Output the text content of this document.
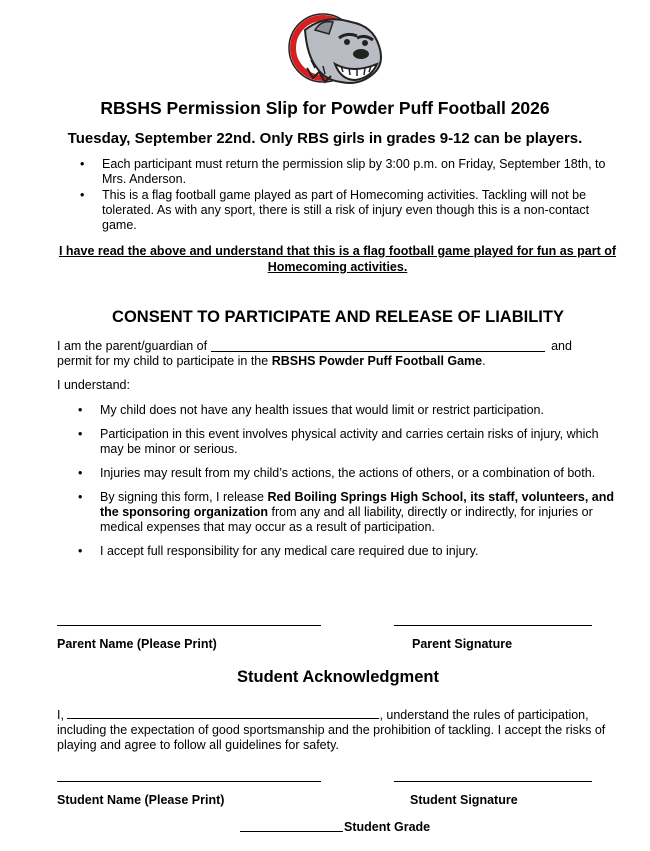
RBSHS Permission Slip for Powder Puff Football 2026
Tuesday, September 22nd. Only RBS girls in grades 9-12 can be players.
• Each participant must return the permission slip by 3:00 p.m. on Friday, September 18th, to Mrs. Anderson.
• This is a flag football game played as part of Homecoming activities. Tackling will not be tolerated. As with any sport, there is still a risk of injury even though this is a non-contact game.
I have read the above and understand that this is a flag football game played for fun as part of Homecoming activities.
CONSENT TO PARTICIPATE AND RELEASE OF LIABILITY
I am the parent/guardian of	and
permit for my child to participate in the RBSHS Powder Puff Football Game.
I understand:
• My child does not have any health issues that would limit or restrict participation.
• Participation in this event involves physical activity and carries certain risks of injury, which may be minor or serious.
• Injuries may result from my child’s actions, the actions of others, or a combination of both.
• By signing this form, I release Red Boiling Springs High School, its staff, volunteers, and the sponsoring organization from any and all liability, directly or indirectly, for injuries or medical expenses that may occur as a result of participation.
• I accept full responsibility for any medical care required due to injury.
Parent Name (Please Print)	Parent Signature
Student Acknowledgment
I,	, understand the rules of participation, including the expectation of good sportsmanship and the prohibition of tackling. I accept the risks of playing and agree to follow all guidelines for safety.
Student Name (Please Print)	Student Signature
Student Grade
